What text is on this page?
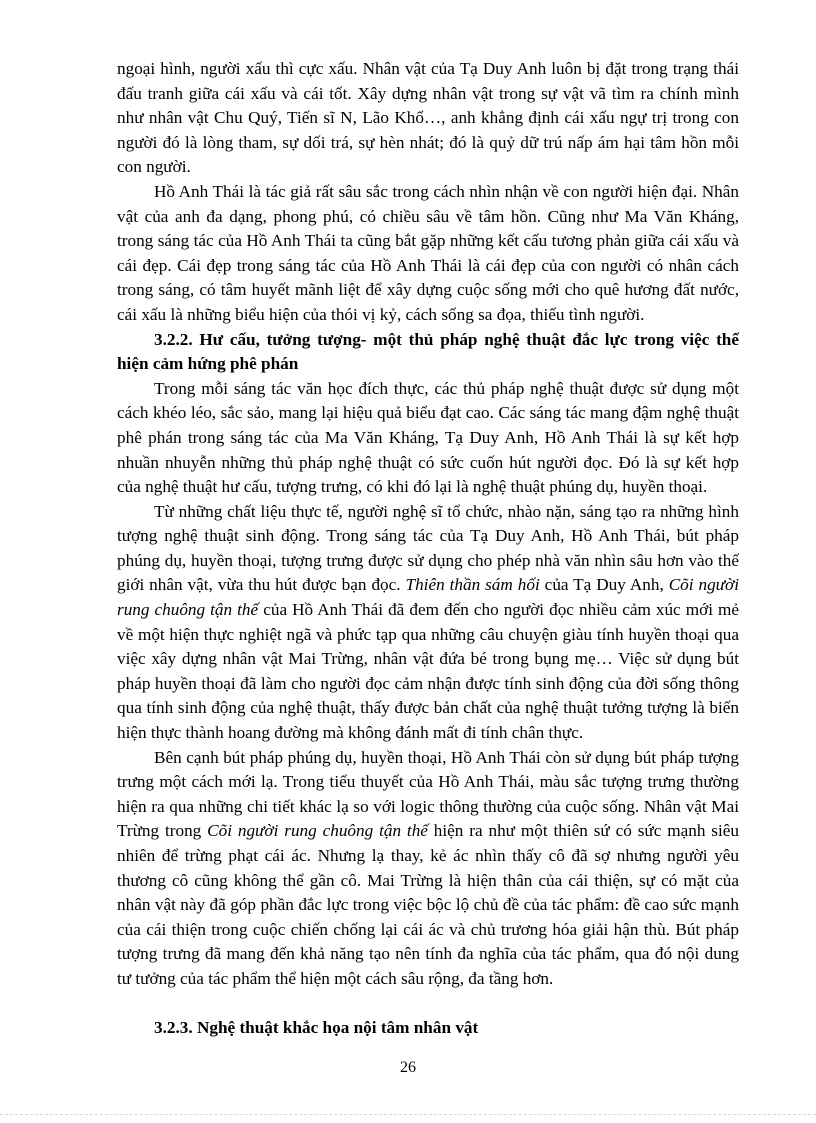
ngoại hình, người xấu thì cực xấu. Nhân vật của Tạ Duy Anh luôn bị đặt trong trạng thái đấu tranh giữa cái xấu và cái tốt. Xây dựng nhân vật trong sự vật vã tìm ra chính mình như nhân vật Chu Quý, Tiến sĩ N, Lão Khổ…, anh khẳng định cái xấu ngự trị trong con người đó là lòng tham, sự dối trá, sự hèn nhát; đó là quỷ dữ trú nấp ám hại tâm hồn mỗi con người.

Hồ Anh Thái là tác giả rất sâu sắc trong cách nhìn nhận về con người hiện đại. Nhân vật của anh đa dạng, phong phú, có chiều sâu về tâm hồn. Cũng như Ma Văn Kháng, trong sáng tác của Hồ Anh Thái ta cũng bắt gặp những kết cấu tương phản giữa cái xấu và cái đẹp. Cái đẹp trong sáng tác của Hồ Anh Thái là cái đẹp của con người có nhân cách trong sáng, có tâm huyết mãnh liệt để xây dựng cuộc sống mới cho quê hương đất nước, cái xấu là những biểu hiện của thói vị kỷ, cách sống sa đọa, thiếu tình người.

3.2.2. Hư cấu, tưởng tượng- một thủ pháp nghệ thuật đắc lực trong việc thể hiện cảm hứng phê phán

Trong mỗi sáng tác văn học đích thực, các thủ pháp nghệ thuật được sử dụng một cách khéo léo, sắc sảo, mang lại hiệu quả biểu đạt cao. Các sáng tác mang đậm nghệ thuật phê phán trong sáng tác của Ma Văn Kháng, Tạ Duy Anh, Hồ Anh Thái là sự kết hợp nhuần nhuyễn những thủ pháp nghệ thuật có sức cuốn hút người đọc. Đó là sự kết hợp của nghệ thuật hư cấu, tượng trưng, có khi đó lại là nghệ thuật phúng dụ, huyền thoại.

Từ những chất liệu thực tế, người nghệ sĩ tổ chức, nhào nặn, sáng tạo ra những hình tượng nghệ thuật sinh động. Trong sáng tác của Tạ Duy Anh, Hồ Anh Thái, bút pháp phúng dụ, huyền thoại, tượng trưng được sử dụng cho phép nhà văn nhìn sâu hơn vào thế giới nhân vật, vừa thu hút được bạn đọc. Thiên thần sám hối của Tạ Duy Anh, Cõi người rung chuông tận thế của Hồ Anh Thái đã đem đến cho người đọc nhiều cảm xúc mới mẻ về một hiện thực nghiệt ngã và phức tạp qua những câu chuyện giàu tính huyền thoại qua việc xây dựng nhân vật Mai Trừng, nhân vật đứa bé trong bụng mẹ… Việc sử dụng bút pháp huyền thoại đã làm cho người đọc cảm nhận được tính sinh động của đời sống thông qua tính sinh động của nghệ thuật, thấy được bản chất của nghệ thuật tưởng tượng là biến hiện thực thành hoang đường mà không đánh mất đi tính chân thực.

Bên cạnh bút pháp phúng dụ, huyền thoại, Hồ Anh Thái còn sử dụng bút pháp tượng trưng một cách mới lạ. Trong tiểu thuyết của Hồ Anh Thái, màu sắc tượng trưng thường hiện ra qua những chi tiết khác lạ so với logic thông thường của cuộc sống. Nhân vật Mai Trừng trong Cõi người rung chuông tận thế hiện ra như một thiên sứ có sức mạnh siêu nhiên để trừng phạt cái ác. Nhưng lạ thay, kẻ ác nhìn thấy cô đã sợ nhưng người yêu thương cô cũng không thể gần cô. Mai Trừng là hiện thân của cái thiện, sự có mặt của nhân vật này đã góp phần đắc lực trong việc bộc lộ chủ đề của tác phẩm: đề cao sức mạnh của cái thiện trong cuộc chiến chống lại cái ác và chủ trương hóa giải hận thù. Bút pháp tượng trưng đã mang đến khả năng tạo nên tính đa nghĩa của tác phẩm, qua đó nội dung tư tưởng của tác phẩm thể hiện một cách sâu rộng, đa tầng hơn.

3.2.3. Nghệ thuật khắc họa nội tâm nhân vật

26
